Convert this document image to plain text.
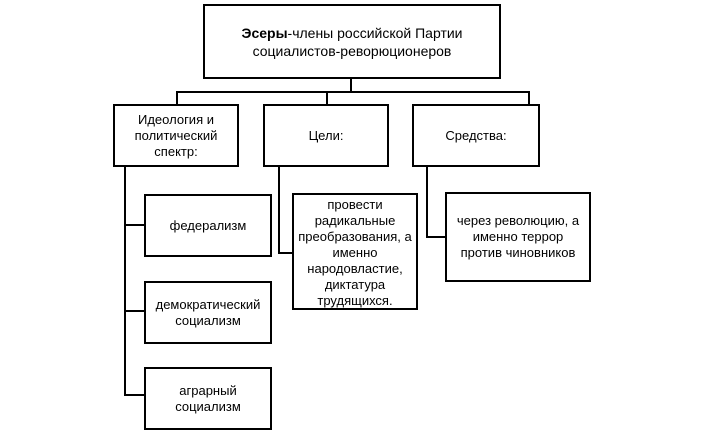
Эсеры-члены российской Партии
социалистов-реворюционеров
Идеология и политический спектр:
Цели:	Средства:
федерализм
демократический социализм
аграрный социализм
провести радикальные преобразования, а именно народовластие, диктатура трудящихся.
через революцию, а именно террор против чиновников
